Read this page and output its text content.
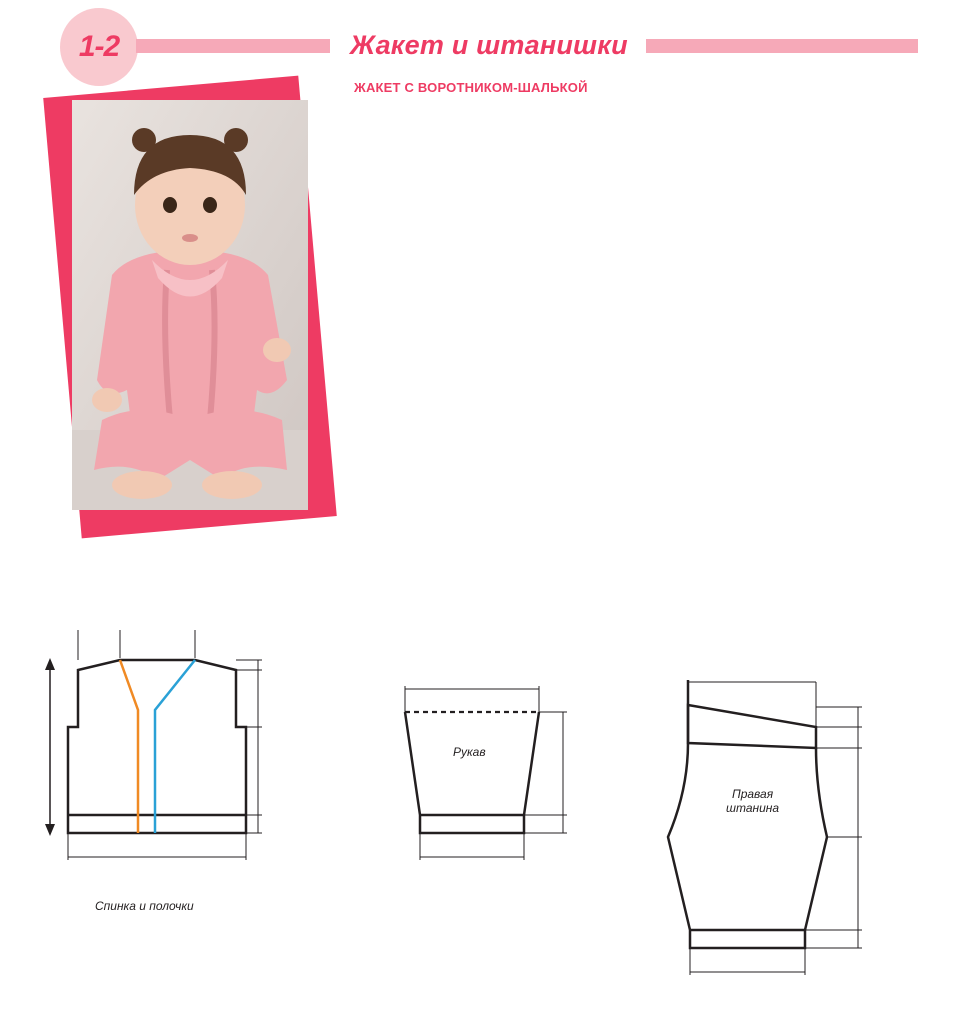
1-2	Жакет и штанишки
ЖАКЕТ С ВОРОТНИКОМ-ШАЛЬКОЙ
Спинка и полочки
Рукав
Правая
штанина
